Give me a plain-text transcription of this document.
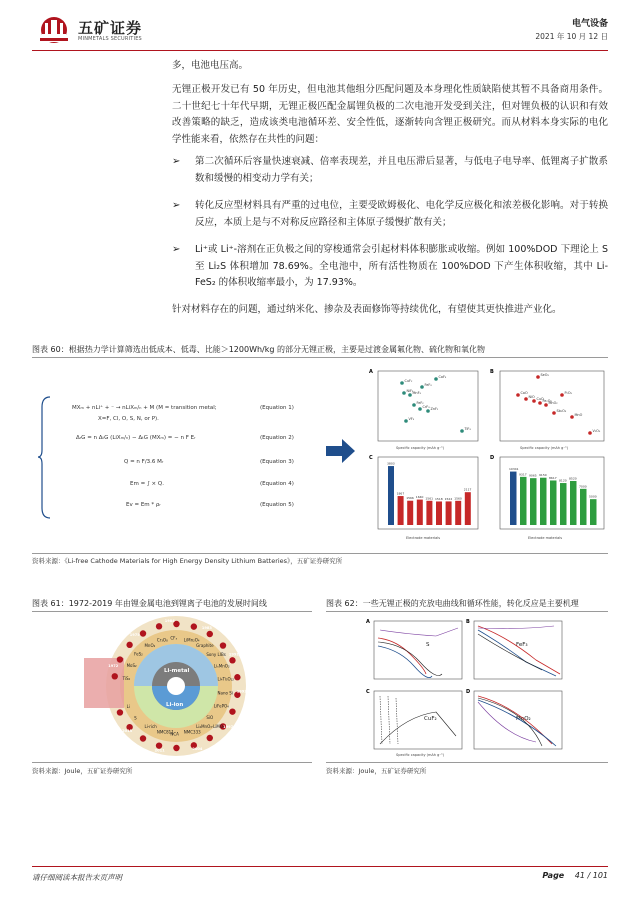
五矿证券
MINMETALS SECURITIES
电气设备
2021 年 10 月 12 日
多，电池电压高。
无锂正极开发已有 50 年历史，但电池其他组分匹配问题及本身理化性质缺陷使其暂不具备商用条件。二十世纪七十年代早期，无锂正极匹配金属锂负极的二次电池开发受到关注，但对锂负极的认识和有效改善策略的缺乏，造成该类电池循环差、安全性低，逐渐转向含锂正极研究。而从材料本身实际的电化学性能来看，依然存在共性的问题：
➢ 第二次循环后容量快速衰减、倍率表现差，并且电压滞后显著，与低电子电导率、低锂离子扩散系数和缓慢的相变动力学有关；
➢ 转化反应型材料具有严重的过电位，主要受欧姆极化、电化学反应极化和浓差极化影响。对于转换反应，本质上是与不对称反应路径和主体原子缓慢扩散有关；
➢ Li⁺或 Li⁺-溶剂在正负极之间的穿梭通常会引起材料体积膨胀或收缩。例如 100%DOD 下理论上 S 至 Li₂S 体积增加 78.69%。全电池中，所有活性物质在 100%DOD 下产生体积收缩，其中 Li-FeS₂ 的体积收缩率最小，为 17.93%。
针对材料存在的问题，通过纳米化、掺杂及表面修饰等持续优化，有望使其更快推进产业化。
图表 60：根据热力学计算筛选出低成本、低毒、比能＞1200Wh/kg 的部分无锂正极，主要是过渡金属氟化物、硫化物和氧化物
MXₘ + nLi⁺ + ⁻ → nLiXₘ/ₙ + M (M = transition metal;	(Equation 1)
X=F, Cl, O, S, N, or P).
ΔᵣG = n ΔₜG (LiXₘ/ₙ) − ΔₜG (MXₘ) = − n F Eᵣ	(Equation 2)
Q = n F/3.6 Mᵣ	(Equation 3)
Em = ∫ × Q.	(Equation 4)
Ev = Em * ρᵣ	(Equation 5)
A
Specific capacity (mAh g⁻¹)
CuF₂
CoF₃
FeF₃
NiF₂ MnF₃
FeF₂
CrF₃ ZnF₂
VF₃
TiF₃
B
Specific capacity (mAh g⁻¹)
SeO₃
CoO
NiO CuO
Fe₂O₃
MnO₂
P₂O₅
Sb₂O₃
MnO
V₂O₅
C
Electrode materials
3803
1867
1566 1640 1561 1518 1522 1560
2117
D
Electrode materials
10341
9317 9065 9150
8617
8120
8520
7000
5000
资料来源：《Li-free Cathode Materials for High Energy Density Lithium Batteries》，五矿证券研究所
图表 61：1972-2019 年由锂金属电池到锂离子电池的发展时间线
Li-metal
Li-ion
TiS₂
MoS₂
FeS₂
MnO₂
Cr₃O₈ CFₓ LiMn₂O₄
Graphite
Sony LIBs
LiₓMnO₂
Li₄Ti₅O₁₂
Nano Si
LiFePO₄
SiO
Li₂MnO₃·LiMO₂
NMC333
NCA
NMC811
Li-rich
S
Li
1972
1975
1984
1983
1991
1993
1997
2004
2011
2015
资料来源：Joule，五矿证券研究所
图表 62：一些无锂正极的充放电曲线和循环性能，转化反应是主要机理
A
S
B
FeF₃
C
CuF₂
D
MnO₂
Specific capacity (mAh g⁻¹)
资料来源：Joule，五矿证券研究所
请仔细阅读本报告末页声明	Page 41 / 101
